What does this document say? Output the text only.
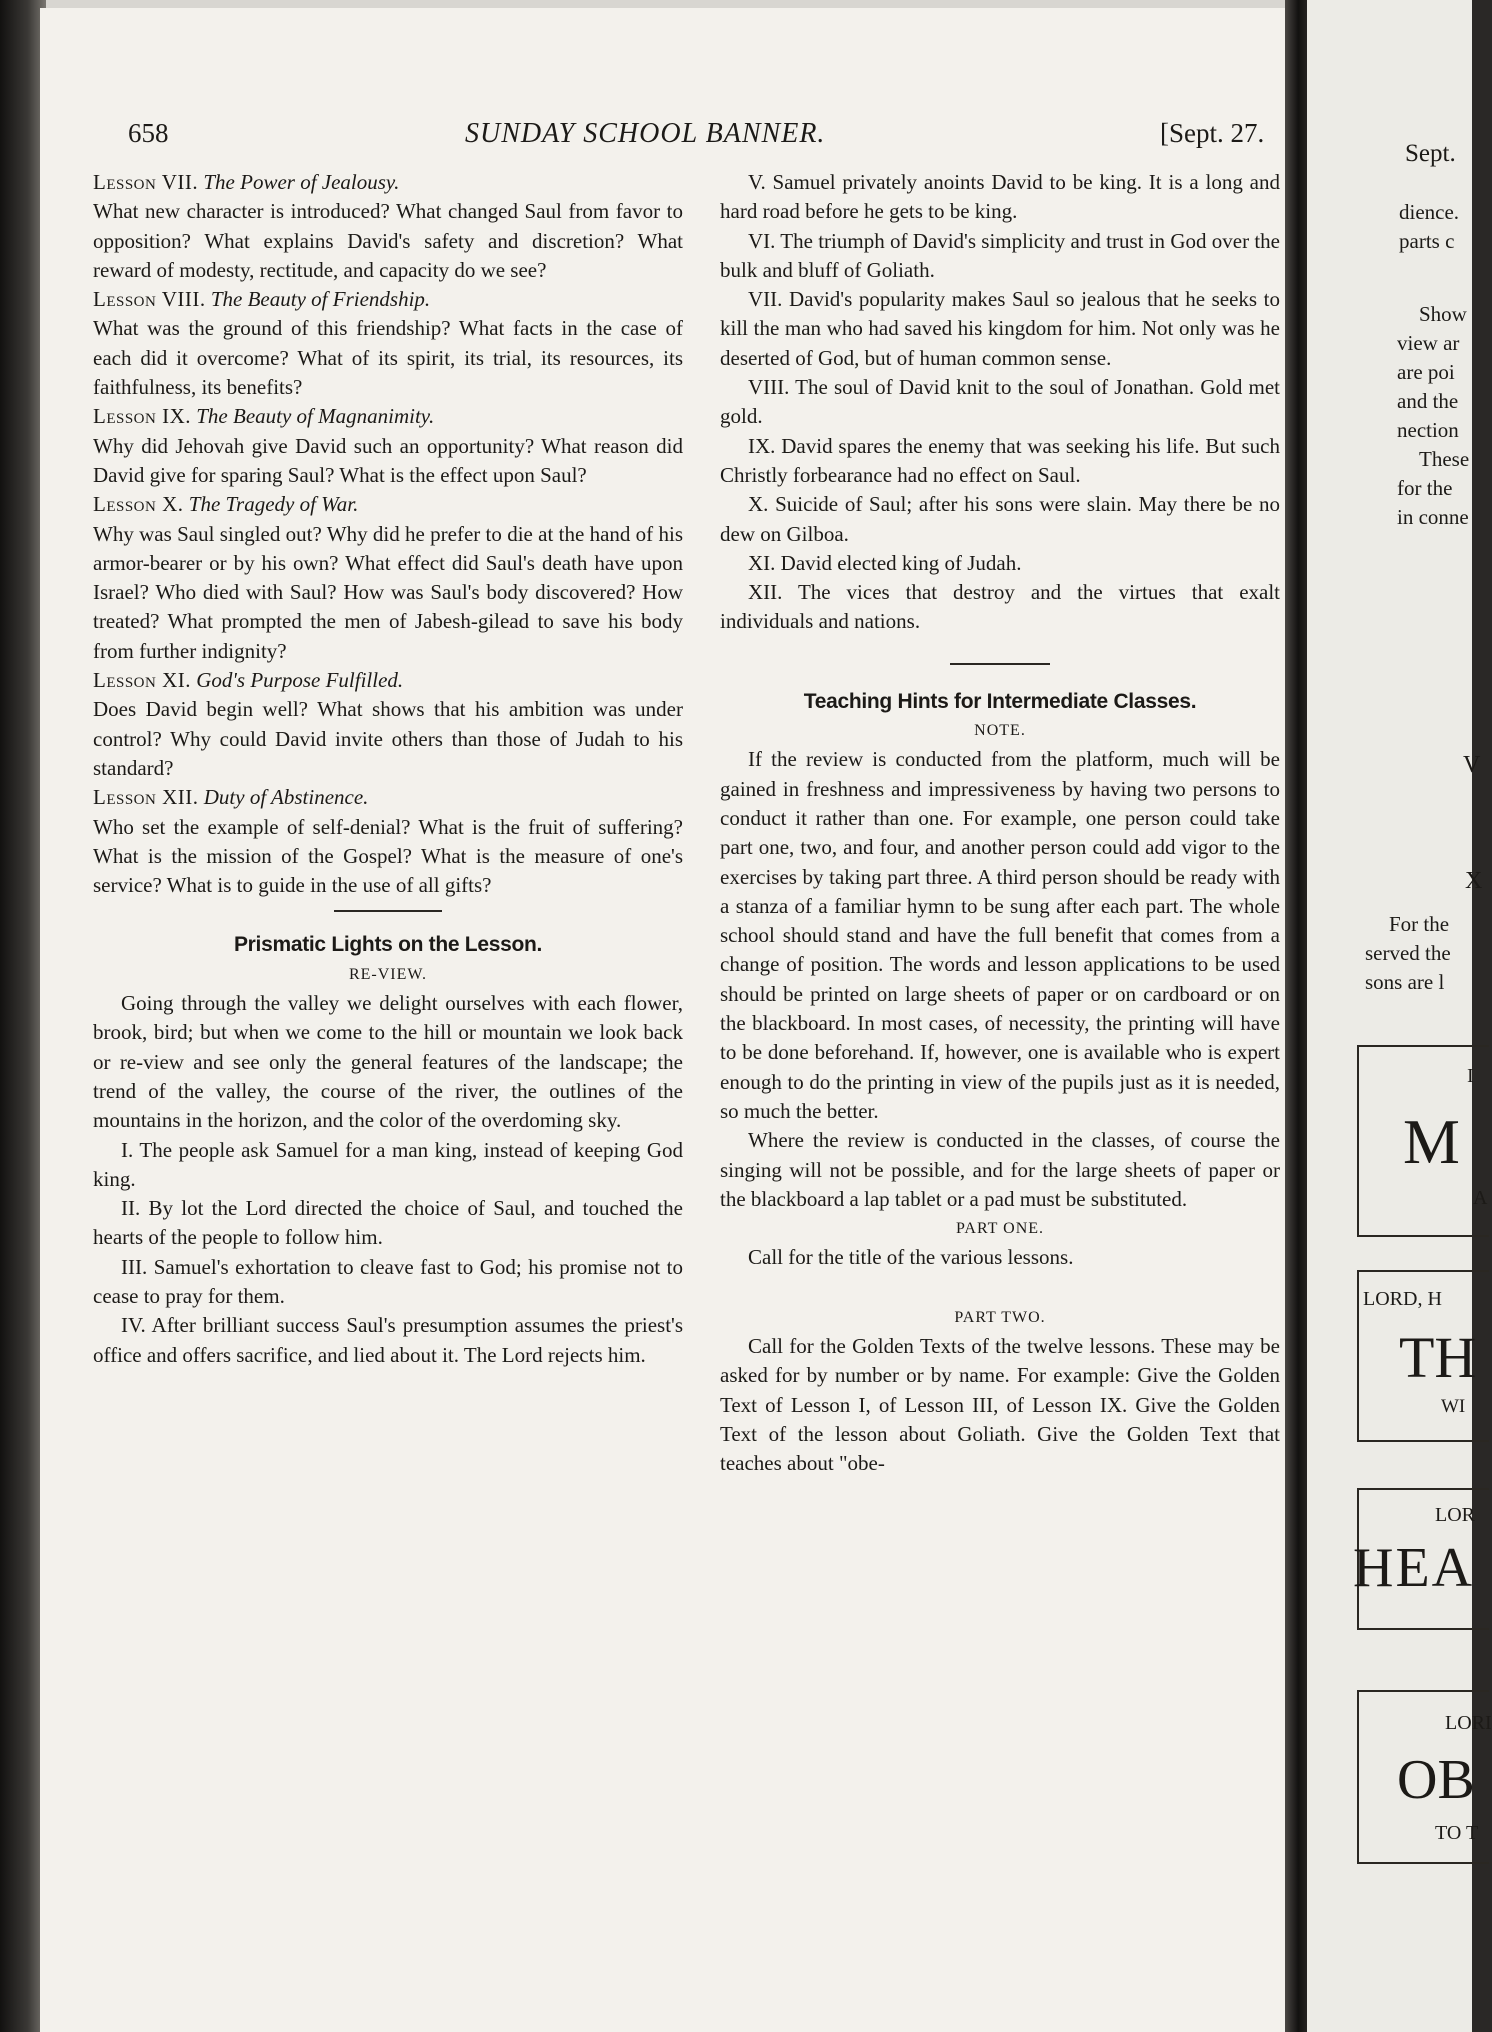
658	SUNDAY SCHOOL BANNER.	[Sept. 27.

Lesson VII. The Power of Jealousy.

What new character is introduced? What changed Saul from favor to opposition? What explains David's safety and discretion? What reward of modesty, rectitude, and capacity do we see?

Lesson VIII. The Beauty of Friendship.

What was the ground of this friendship? What facts in the case of each did it overcome? What of its spirit, its trial, its resources, its faithfulness, its benefits?

Lesson IX. The Beauty of Magnanimity.

Why did Jehovah give David such an opportunity? What reason did David give for sparing Saul? What is the effect upon Saul?

Lesson X. The Tragedy of War.

Why was Saul singled out? Why did he prefer to die at the hand of his armor-bearer or by his own? What effect did Saul's death have upon Israel? Who died with Saul? How was Saul's body discovered? How treated? What prompted the men of Jabesh-gilead to save his body from further indignity?

Lesson XI. God's Purpose Fulfilled.

Does David begin well? What shows that his ambition was under control? Why could David invite others than those of Judah to his standard?

Lesson XII. Duty of Abstinence.

Who set the example of self-denial? What is the fruit of suffering? What is the mission of the Gospel? What is the measure of one's service? What is to guide in the use of all gifts?

Prismatic Lights on the Lesson.

RE-VIEW.

Going through the valley we delight ourselves with each flower, brook, bird; but when we come to the hill or mountain we look back or re-view and see only the general features of the landscape; the trend of the valley, the course of the river, the outlines of the mountains in the horizon, and the color of the overdoming sky.

I. The people ask Samuel for a man king, instead of keeping God king.

II. By lot the Lord directed the choice of Saul, and touched the hearts of the people to follow him.

III. Samuel's exhortation to cleave fast to God; his promise not to cease to pray for them.

IV. After brilliant success Saul's presumption assumes the priest's office and offers sacrifice, and lied about it. The Lord rejects him.

V. Samuel privately anoints David to be king. It is a long and hard road before he gets to be king.

VI. The triumph of David's simplicity and trust in God over the bulk and bluff of Goliath.

VII. David's popularity makes Saul so jealous that he seeks to kill the man who had saved his kingdom for him. Not only was he deserted of God, but of human common sense.

VIII. The soul of David knit to the soul of Jonathan. Gold met gold.

IX. David spares the enemy that was seeking his life. But such Christly forbearance had no effect on Saul.

X. Suicide of Saul; after his sons were slain. May there be no dew on Gilboa.

XI. David elected king of Judah.

XII. The vices that destroy and the virtues that exalt individuals and nations.

Teaching Hints for Intermediate Classes.

NOTE.

If the review is conducted from the platform, much will be gained in freshness and impressiveness by having two persons to conduct it rather than one. For example, one person could take part one, two, and four, and another person could add vigor to the exercises by taking part three. A third person should be ready with a stanza of a familiar hymn to be sung after each part. The whole school should stand and have the full benefit that comes from a change of position. The words and lesson applications to be used should be printed on large sheets of paper or on cardboard or on the blackboard. In most cases, of necessity, the printing will have to be done beforehand. If, however, one is available who is expert enough to do the printing in view of the pupils just as it is needed, so much the better.

Where the review is conducted in the classes, of course the singing will not be possible, and for the large sheets of paper or the blackboard a lap tablet or a pad must be substituted.

PART ONE.

Call for the title of the various lessons.

PART TWO.

Call for the Golden Texts of the twelve lessons. These may be asked for by number or by name. For example: Give the Golden Text of Lesson I, of Lesson III, of Lesson IX. Give the Golden Text of the lesson about Goliath. Give the Golden Text that teaches about "obe-

Sept.
dience.
parts c
Show
view ar
are poi
and the
nection
These
for the
in conne
V
X
For the
served the
sons are l
I
M
A
LORD, H
TH
WI
LOR
HEA
LORI
OB
TO T
